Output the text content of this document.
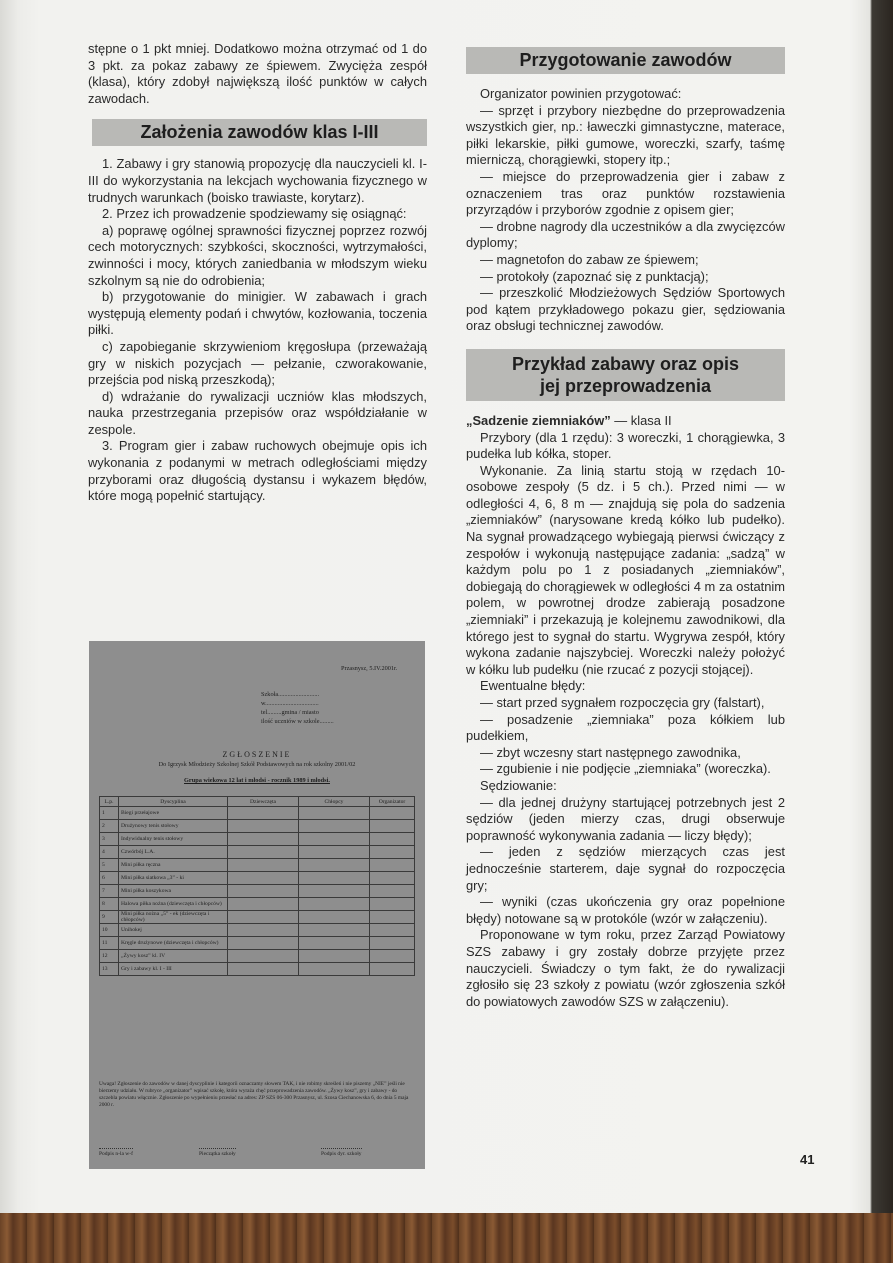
stępne o 1 pkt mniej. Dodatkowo można otrzymać od 1 do 3 pkt. za pokaz zabawy ze śpiewem. Zwycięża zespół (klasa), który zdobył największą ilość punktów w całych zawodach.

Założenia zawodów klas I-III

1. Zabawy i gry stanowią propozycję dla nauczycieli kl. I-III do wykorzystania na lekcjach wychowania fizycznego w trudnych warunkach (boisko trawiaste, korytarz).

2. Przez ich prowadzenie spodziewamy się osiągnąć:

a) poprawę ogólnej sprawności fizycznej poprzez rozwój cech motorycznych: szybkości, skoczności, wytrzymałości, zwinności i mocy, których zaniedbania w młodszym wieku szkolnym są nie do odrobienia;

b) przygotowanie do minigier. W zabawach i grach występują elementy podań i chwytów, kozłowania, toczenia piłki.

c) zapobieganie skrzywieniom kręgosłupa (przeważają gry w niskich pozycjach — pełzanie, czworakowanie, przejścia pod niską przeszkodą);

d) wdrażanie do rywalizacji uczniów klas młodszych, nauka przestrzegania przepisów oraz współdziałanie w zespole.

3. Program gier i zabaw ruchowych obejmuje opis ich wykonania z podanymi w metrach odległościami między przyborami oraz długością dystansu i wykazem błędów, które mogą popełnić startujący.

Przasnysz, 5.IV.2001r.
Szkoła..........................
w..................................
tel.........gmina / miasto
ilość uczniów w szkole.........
ZGŁOSZENIE
Do Igrzysk Młodzieży Szkolnej Szkół Podstawowych na rok szkolny 2001/02
Grupa wiekowa 12 lat i młodsi - rocznik 1989 i młodsi.
L.p.	Dyscyplina	Dziewczęta	Chłopcy	Organizator
1	Biegi przełajowe			
2	Drużynowy tenis stołowy			
3	Indywidualny tenis stołowy			
4	Czwórbój L.A.			
5	Mini piłka ręczna			
6	Mini piłka siatkowa „3” - ki			
7	Mini piłka koszykowa			
8	Halowa piłka nożna (dziewczęta i chłopców)			
9	Mini piłka nożna „5” - ek (dziewczęta i chłopców)			
10	Unihokej			
11	Kręgle drużynowe (dziewczęta i chłopców)			
12	„Żywy kosz” kl. IV			
13	Gry i zabawy kl. I - III			
Uwaga! Zgłoszenie do zawodów w danej dyscyplinie i kategorii oznaczamy słowem TAK, i nie robimy skreśleń i nie piszemy „NIE” jeśli nie bierzemy udziału. W rubryce „organizator” wpisać szkołę, która wyraża chęć przeprowadzenia zawodów. „Żywy kosz”, gry i zabawy - do szczebla powiatu włącznie. Zgłoszenie po wypełnieniu przesłać na adres: ZP SZS 06-300 Przasnysz, ul. Szosa Ciechanowska 6, do dnia 5 maja 2000 r.
Podpis n-la w-f	Pieczątka szkoły	Podpis dyr. szkoły
Przygotowanie zawodów

Organizator powinien przygotować:

— sprzęt i przybory niezbędne do przeprowadzenia wszystkich gier, np.: ławeczki gimnastyczne, materace, piłki lekarskie, piłki gumowe, woreczki, szarfy, taśmę mierniczą, chorągiewki, stopery itp.;

— miejsce do przeprowadzenia gier i zabaw z oznaczeniem tras oraz punktów rozstawienia przyrządów i przyborów zgodnie z opisem gier;

— drobne nagrody dla uczestników a dla zwycięzców dyplomy;

— magnetofon do zabaw ze śpiewem;

— protokoły (zapoznać się z punktacją);

— przeszkolić Młodzieżowych Sędziów Sportowych pod kątem przykładowego pokazu gier, sędziowania oraz obsługi technicznej zawodów.

Przykład zabawy oraz opis
jej przeprowadzenia

„Sadzenie ziemniaków” — klasa II

Przybory (dla 1 rzędu): 3 woreczki, 1 chorągiewka, 3 pudełka lub kółka, stoper.

Wykonanie. Za linią startu stoją w rzędach 10-osobowe zespoły (5 dz. i 5 ch.). Przed nimi — w odległości 4, 6, 8 m — znajdują się pola do sadzenia „ziemniaków” (narysowane kredą kółko lub pudełko). Na sygnał prowadzącego wybiegają pierwsi ćwiczący z zespołów i wykonują następujące zadania: „sadzą” w każdym polu po 1 z posiadanych „ziemniaków”, dobiegają do chorągiewek w odległości 4 m za ostatnim polem, w powrotnej drodze zabierają posadzone „ziemniaki” i przekazują je kolejnemu zawodnikowi, dla którego jest to sygnał do startu. Wygrywa zespół, który wykona zadanie najszybciej. Woreczki należy położyć w kółku lub pudełku (nie rzucać z pozycji stojącej).

Ewentualne błędy:

— start przed sygnałem rozpoczęcia gry (falstart),

— posadzenie „ziemniaka” poza kółkiem lub pudełkiem,

— zbyt wczesny start następnego zawodnika,

— zgubienie i nie podjęcie „ziemniaka” (woreczka).

Sędziowanie:

— dla jednej drużyny startującej potrzebnych jest 2 sędziów (jeden mierzy czas, drugi obserwuje poprawność wykonywania zadania — liczy błędy);

— jeden z sędziów mierzących czas jest jednocześnie starterem, daje sygnał do rozpoczęcia gry;

— wyniki (czas ukończenia gry oraz popełnione błędy) notowane są w protokóle (wzór w załączeniu).

Proponowane w tym roku, przez Zarząd Powiatowy SZS zabawy i gry zostały dobrze przyjęte przez nauczycieli. Świadczy o tym fakt, że do rywalizacji zgłosiło się 23 szkoły z powiatu (wzór zgłoszenia szkół do powiatowych zawodów SZS w załączeniu).

41
